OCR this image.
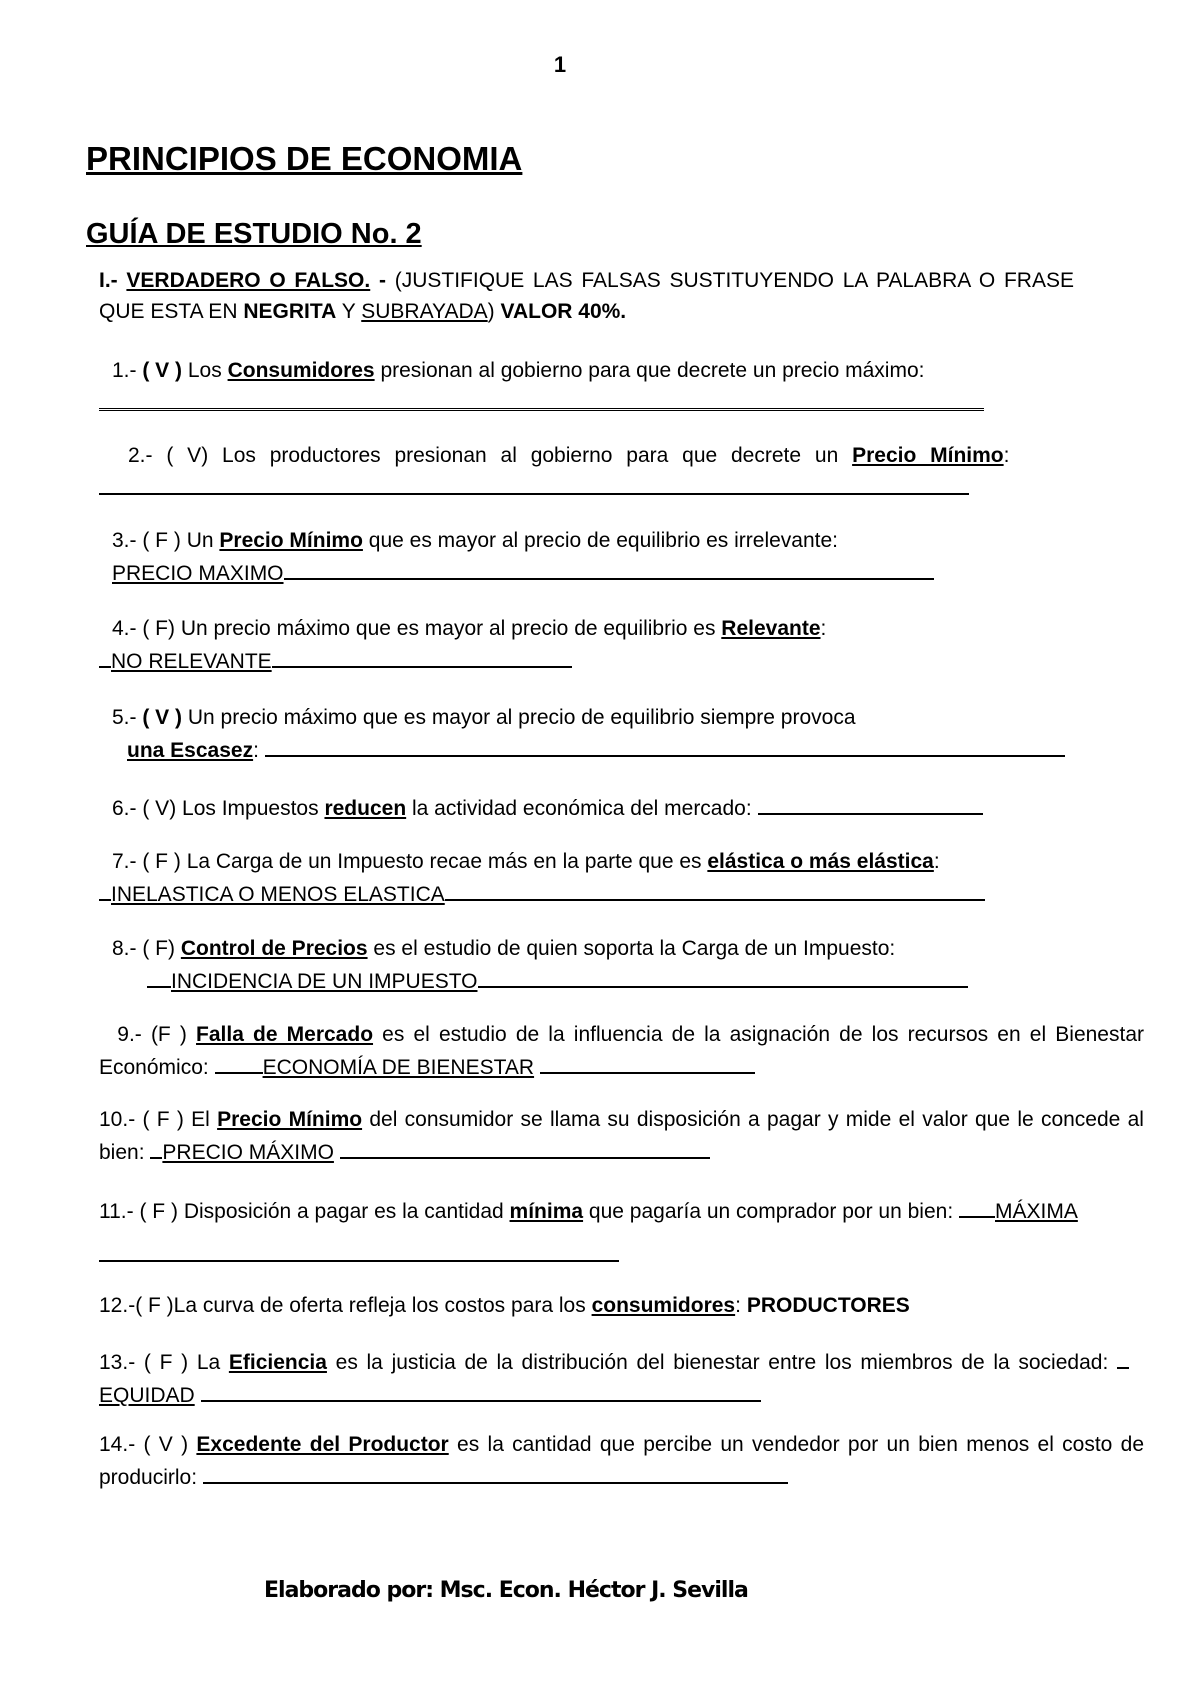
1
PRINCIPIOS DE ECONOMIA
GUÍA DE ESTUDIO No. 2
I.- VERDADERO O FALSO. - (JUSTIFIQUE LAS FALSAS SUSTITUYENDO LA PALABRA O FRASE QUE ESTA EN NEGRITA Y SUBRAYADA) VALOR 40%.
1.- ( V ) Los Consumidores presionan al gobierno para que decrete un precio máximo:
2.- ( V) Los productores presionan al gobierno para que decrete un Precio Mínimo:
3.- ( F ) Un Precio Mínimo que es mayor al precio de equilibrio es irrelevante:
PRECIO MAXIMO
4.- ( F) Un precio máximo que es mayor al precio de equilibrio es Relevante:
NO RELEVANTE
5.- ( V ) Un precio máximo que es mayor al precio de equilibrio siempre provoca
una Escasez:
6.- ( V) Los Impuestos reducen la actividad económica del mercado:
7.- ( F ) La Carga de un Impuesto recae más en la parte que es elástica o más elástica:
INELASTICA O MENOS ELASTICA
8.- ( F) Control de Precios es el estudio de quien soporta la Carga de un Impuesto:
INCIDENCIA DE UN IMPUESTO
9.- (F ) Falla de Mercado es el estudio de la influencia de la asignación de los recursos en el Bienestar Económico:	ECONOMÍA DE BIENESTAR
10.- ( F ) El Precio Mínimo del consumidor se llama su disposición a pagar y mide el valor que le concede al bien: PRECIO MÁXIMO
11.- ( F ) Disposición a pagar es la cantidad mínima que pagaría un comprador por un bien: MÁXIMA
12.-( F )La curva de oferta refleja los costos para los consumidores: PRODUCTORES
13.- ( F ) La Eficiencia es la justicia de la distribución del bienestar entre los miembros de la sociedad: EQUIDAD
14.- ( V ) Excedente del Productor es la cantidad que percibe un vendedor por un bien menos el costo de producirlo:
Elaborado por: Msc. Econ. Héctor J. Sevilla
